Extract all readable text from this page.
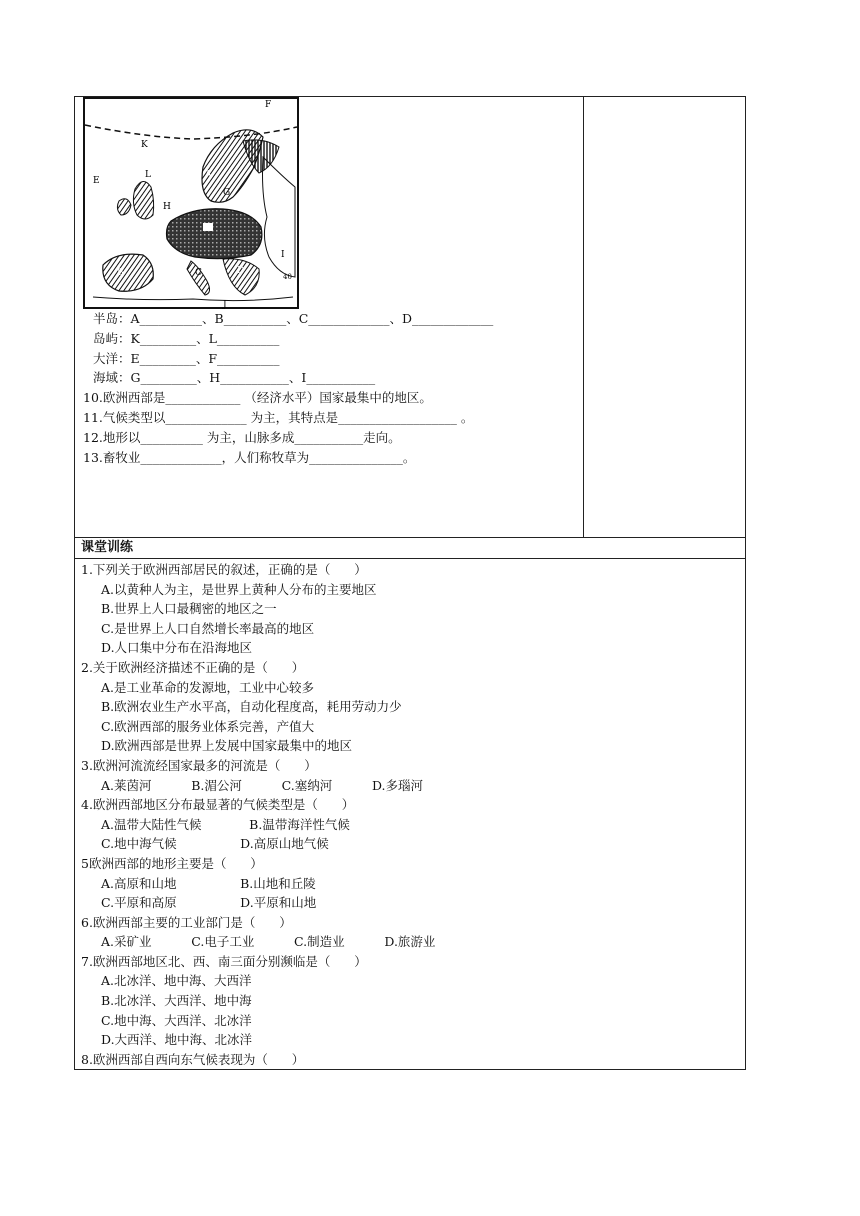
F
K
E
L	A
G
H
B	C	D
I
J
40
半岛：A__________、B__________、C_____________、D_____________
岛屿：K_________、L__________
大洋：E_________、F__________
海域：G_________、H___________、I___________
10.欧洲西部是____________ （经济水平）国家最集中的地区。
11.气候类型以_____________ 为主，其特点是___________________ 。
12.地形以__________ 为主，山脉多成___________走向。
13.畜牧业_____________，人们称牧草为_______________。

课堂训练

1.下列关于欧洲西部居民的叙述，正确的是（      ）
A.以黄种人为主，是世界上黄种人分布的主要地区
B.世界上人口最稠密的地区之一
C.是世界上人口自然增长率最高的地区
D.人口集中分布在沿海地区
2.关于欧洲经济描述不正确的是（      ）
A.是工业革命的发源地，工业中心较多
B.欧洲农业生产水平高，自动化程度高，耗用劳动力少
C.欧洲西部的服务业体系完善，产值大
D.欧洲西部是世界上发展中国家最集中的地区
3.欧洲河流流经国家最多的河流是（      ）
A.莱茵河          B.湄公河          C.塞纳河          D.多瑙河
4.欧洲西部地区分布最显著的气候类型是（      ）
A.温带大陆性气候            B.温带海洋性气候
C.地中海气候                D.高原山地气候
5欧洲西部的地形主要是（      ）
A.高原和山地                B.山地和丘陵
C.平原和高原                D.平原和山地
6.欧洲西部主要的工业部门是（      ）
A.采矿业          C.电子工业          C.制造业          D.旅游业
7.欧洲西部地区北、西、南三面分别濒临是（      ）
A.北冰洋、地中海、大西洋
B.北冰洋、大西洋、地中海
C.地中海、大西洋、北冰洋
D.大西洋、地中海、北冰洋
8.欧洲西部自西向东气候表现为（      ）
